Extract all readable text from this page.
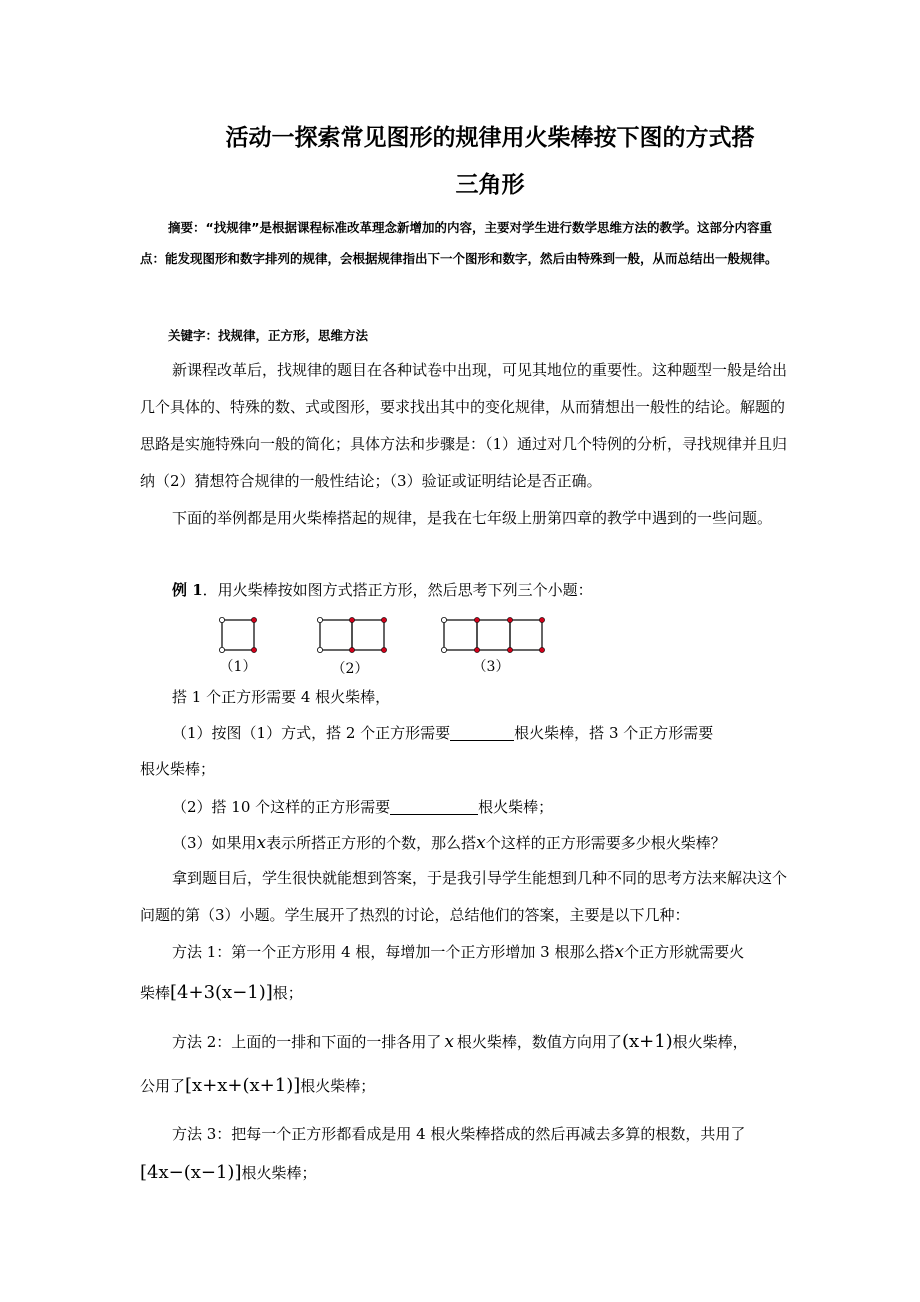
活动一探索常见图形的规律用火柴棒按下图的方式搭
三角形
摘要：“找规律”是根据课程标准改革理念新增加的内容，主要对学生进行数学思维方法的教学。这部分内容重点：能发现图形和数字排列的规律，会根据规律指出下一个图形和数字，然后由特殊到一般，从而总结出一般规律。
关键字：找规律，正方形，思维方法
新课程改革后，找规律的题目在各种试卷中出现，可见其地位的重要性。这种题型一般是给出几个具体的、特殊的数、式或图形，要求找出其中的变化规律，从而猜想出一般性的结论。解题的思路是实施特殊向一般的简化；具体方法和步骤是：（1）通过对几个特例的分析，寻找规律并且归纳（2）猜想符合规律的一般性结论；（3）验证或证明结论是否正确。
下面的举例都是用火柴棒搭起的规律，是我在七年级上册第四章的教学中遇到的一些问题。
例 1．用火柴棒按如图方式搭正方形，然后思考下列三个小题：
（1）	（2）	（3）
搭 1 个正方形需要 4 根火柴棒，
（1）按图（1）方式，搭 2 个正方形需要	根火柴棒，搭 3 个正方形需要
根火柴棒；
（2）搭 10 个这样的正方形需要	根火柴棒；
（3）如果用x表示所搭正方形的个数，那么搭x个这样的正方形需要多少根火柴棒？
拿到题目后，学生很快就能想到答案，于是我引导学生能想到几种不同的思考方法来解决这个问题的第（3）小题。学生展开了热烈的讨论，总结他们的答案，主要是以下几种：
方法 1：第一个正方形用 4 根，每增加一个正方形增加 3 根那么搭x个正方形就需要火
柴棒[4+3(x−1)]根；
方法 2：上面的一排和下面的一排各用了 x 根火柴棒，数值方向用了(x+1)根火柴棒，
公用了[x+x+(x+1)]根火柴棒；
方法 3：把每一个正方形都看成是用 4 根火柴棒搭成的然后再减去多算的根数，共用了
[4x−(x−1)]根火柴棒；
